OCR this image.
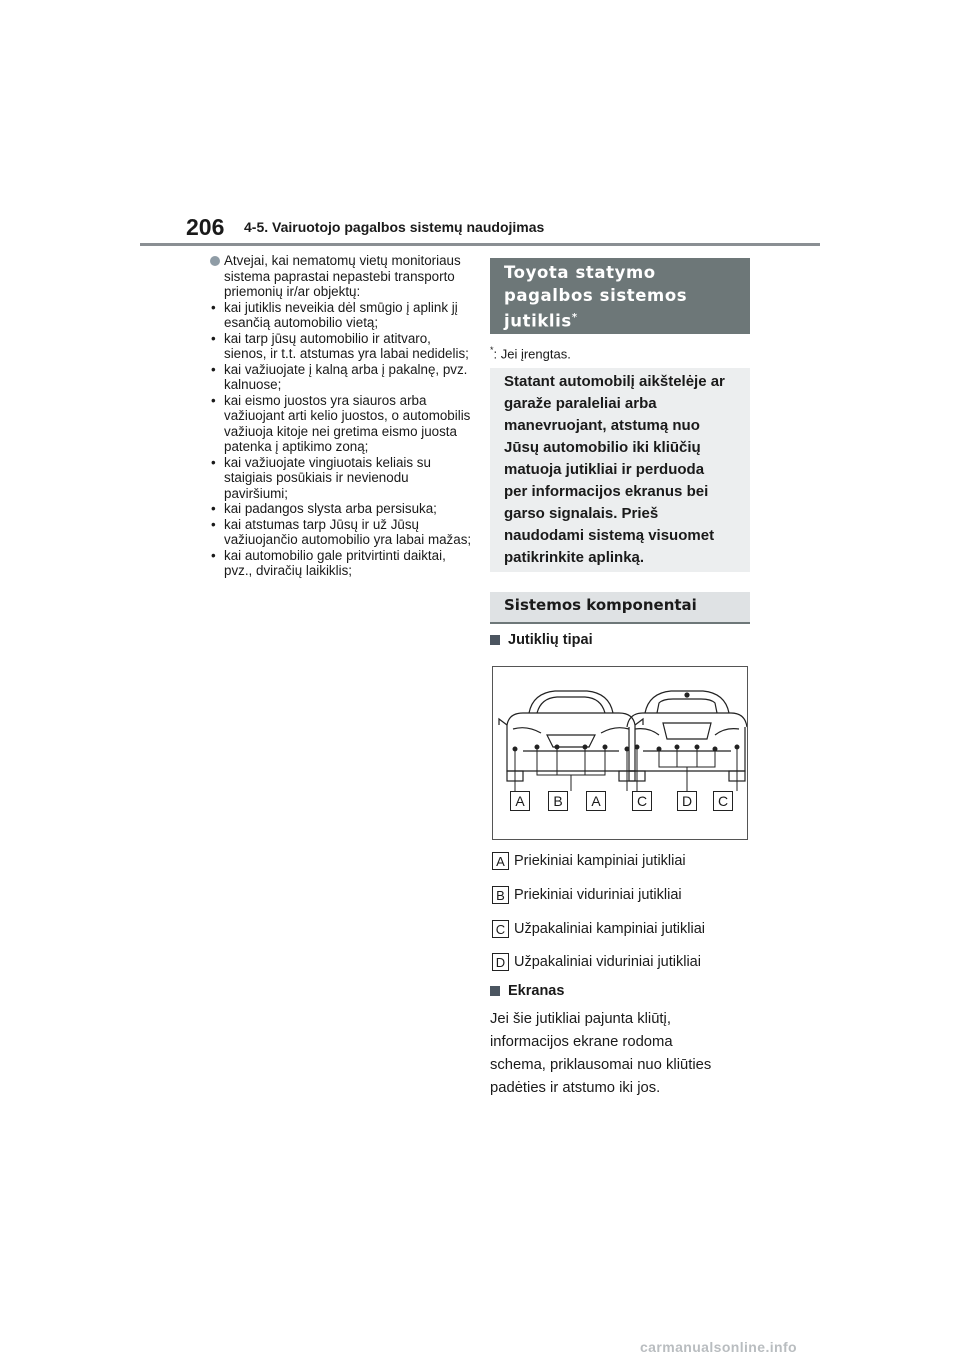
206 4-5. Vairuotojo pagalbos sistemų naudojimas
Atvejai, kai nematomų vietų monitoriaus sistema paprastai nepastebi transporto priemonių ir/ar objektų:
• kai jutiklis neveikia dėl smūgio į aplink jį esančią automobilio vietą;
• kai tarp jūsų automobilio ir atitvaro, sienos, ir t.t. atstumas yra labai nedidelis;
• kai važiuojate į kalną arba į pakalnę, pvz. kalnuose;
• kai eismo juostos yra siauros arba važiuojant arti kelio juostos, o automobilis važiuoja kitoje nei gretima eismo juosta patenka į aptikimo zoną;
• kai važiuojate vingiuotais keliais su staigiais posūkiais ir nevienodu paviršiumi;
• kai padangos slysta arba persisuka;
• kai atstumas tarp Jūsų ir už Jūsų važiuojančio automobilio yra labai mažas;
• kai automobilio gale pritvirtinti daiktai, pvz., dviračių laikiklis;
Toyota statymo
pagalbos sistemos
jutiklis*
*: Jei įrengtas.

Statant automobilį aikštelėje ar

garaže paraleliai arba

manevruojant, atstumą nuo

Jūsų automobilio iki kliūčių

matuoja jutikliai ir perduoda

per informacijos ekranus bei

garso signalais. Prieš

naudodami sistemą visuomet

patikrinkite aplinką.

Sistemos komponentai
Jutiklių tipai
A	B	A	C	D	C
A Priekiniai kampiniai jutikliai
B Priekiniai viduriniai jutikliai
C Užpakaliniai kampiniai jutikliai
D Užpakaliniai viduriniai jutikliai
Ekranas
Jei šie jutikliai pajunta kliūtį,
informacijos ekrane rodoma
schema, priklausomai nuo kliūties
padėties ir atstumo iki jos.
carmanualsonline.info
